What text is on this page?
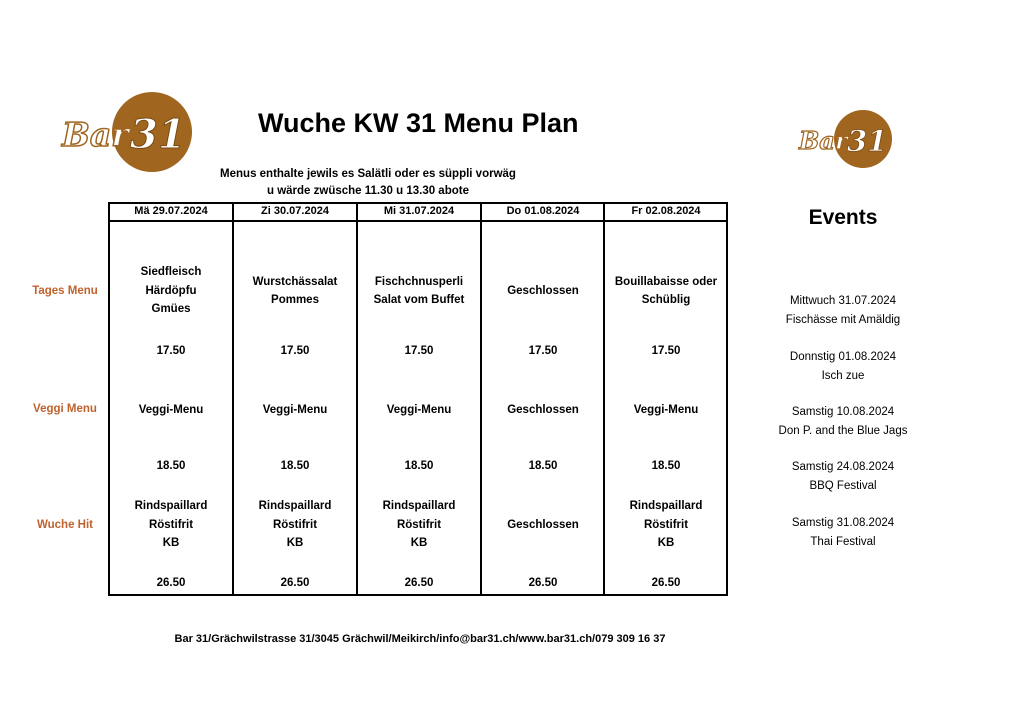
Bar 31	Bar 31
Wuche KW 31 Menu Plan
Menus enthalte jewils es Salätli oder es süppli vorwäg
u wärde zwüsche 11.30 u 13.30 abote
Tages Menu
Veggi Menu
Wuche Hit
Mä 29.07.2024
Siedfleisch
Härdöpfu
Gmües
Veggi-Menu
Rindspaillard
Röstifrit
KB
17.50
18.50
26.50
Zi 30.07.2024
Wurstchässalat
Pommes
Veggi-Menu
Rindspaillard
Röstifrit
KB
17.50
18.50
26.50
Mi 31.07.2024
Fischchnusperli
Salat vom Buffet
Veggi-Menu
Rindspaillard
Röstifrit
KB
17.50
18.50
26.50
Do 01.08.2024
Geschlossen
Geschlossen
Geschlossen
17.50
18.50
26.50
Fr 02.08.2024
Bouillabaisse oder
Schüblig
Veggi-Menu
Rindspaillard
Röstifrit
KB
17.50
18.50
26.50
Events
Mittwuch 31.07.2024
Fischässe mit Amäldig
Donnstig 01.08.2024
Isch zue
Samstig 10.08.2024
Don P. and the Blue Jags
Samstig 24.08.2024
BBQ Festival
Samstig 31.08.2024
Thai Festival
Bar 31/Grächwilstrasse 31/3045 Grächwil/Meikirch/info@bar31.ch/www.bar31.ch/079 309 16 37
